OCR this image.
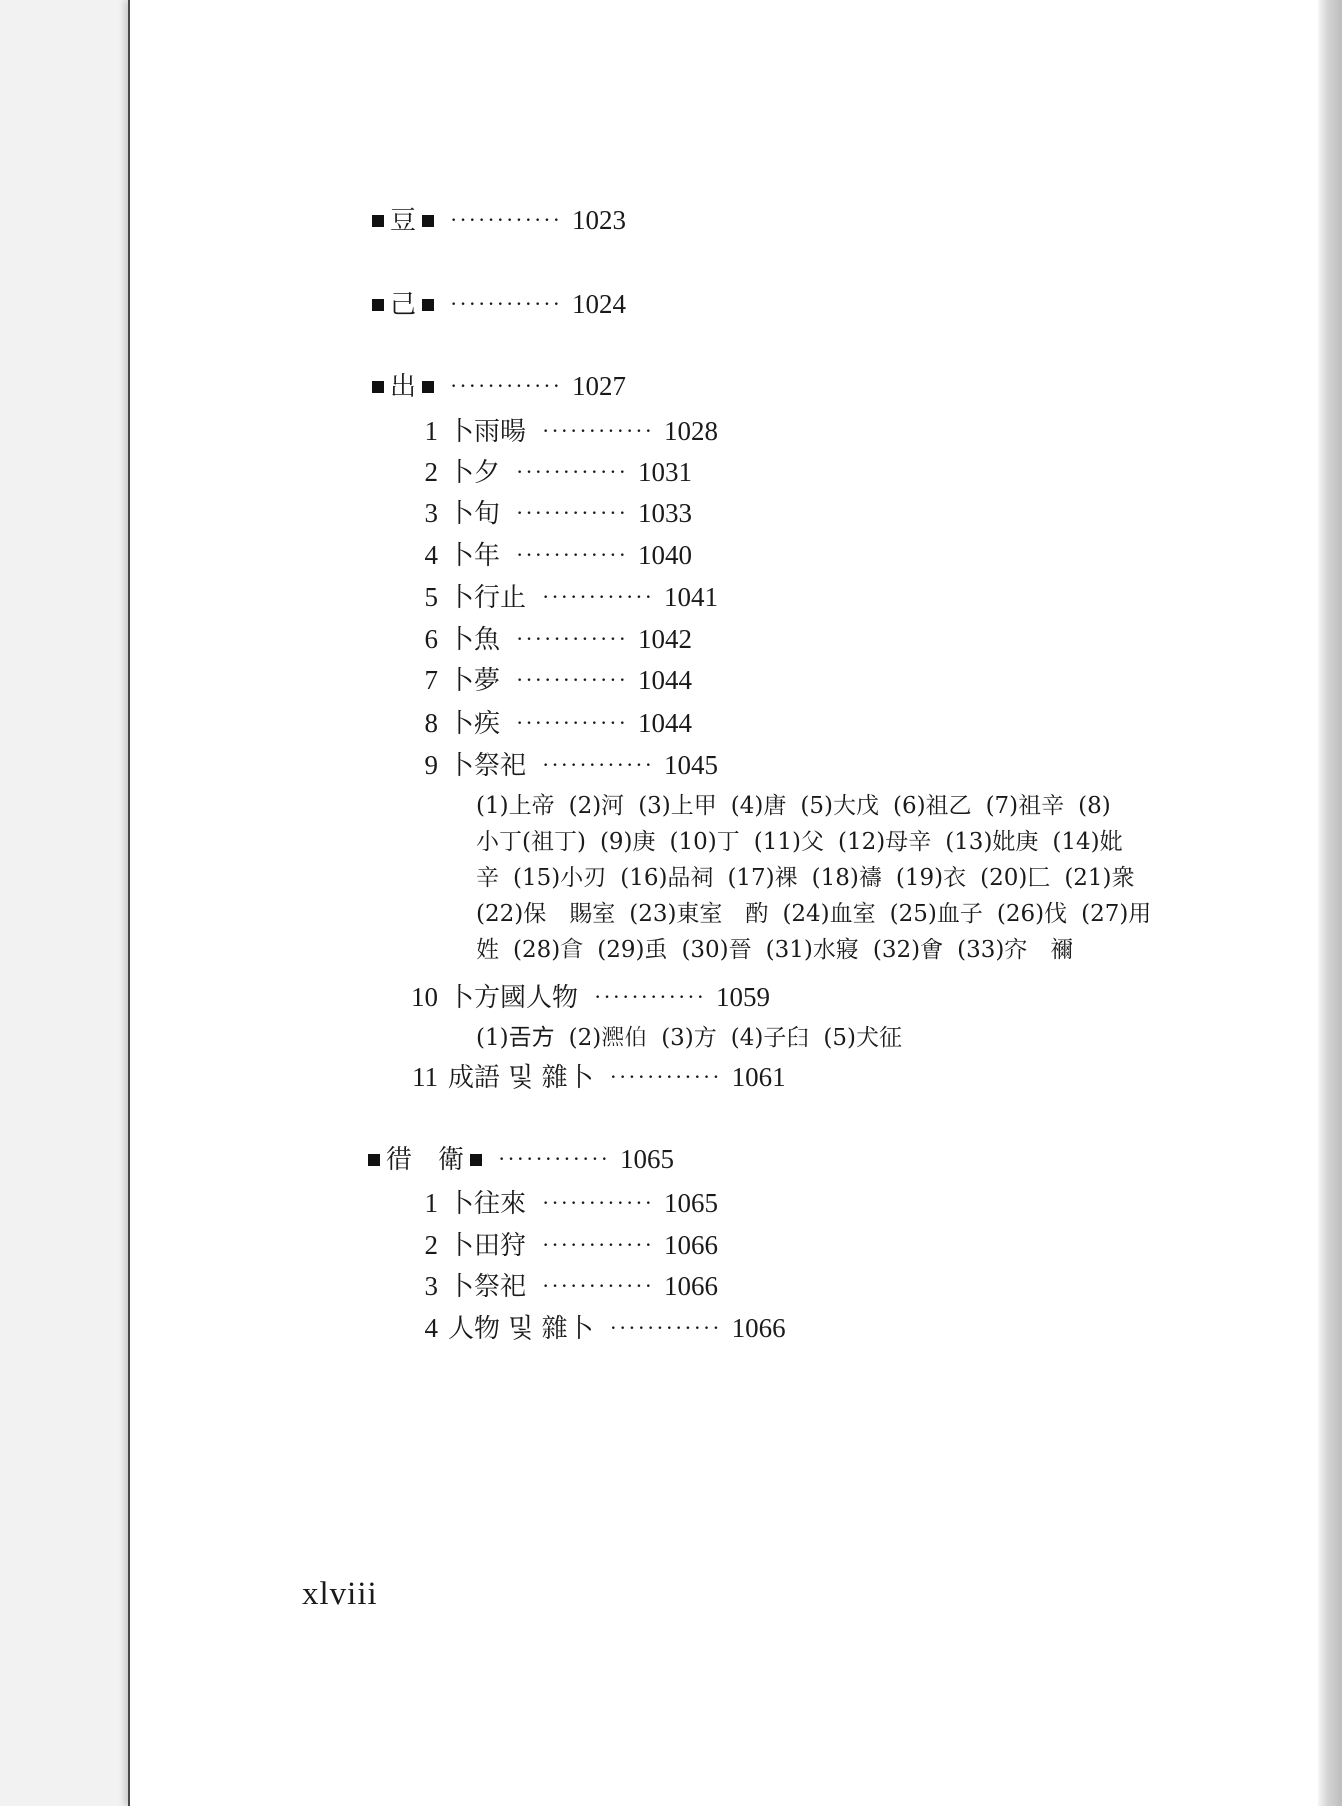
豆 ············ 1023
己 ············ 1024
出 ············ 1027
1 卜雨暘 ············ 1028
2 卜夕 ············ 1031
3 卜旬 ············ 1033
4 卜年 ············ 1040
5 卜行止 ············ 1041
6 卜魚 ············ 1042
7 卜夢 ············ 1044
8 卜疾 ············ 1044
9 卜祭祀 ············ 1045
(1)上帝 (2)河 (3)上甲 (4)唐 (5)大戊 (6)祖乙 (7)祖辛 (8)
小丁(祖丁) (9)庚 (10)丁 (11)父 (12)母辛 (13)妣庚 (14)妣
辛 (15)小刃 (16)品祠 (17)祼 (18)禱 (19)衣 (20)匚 (21)衆
(22)保　賜室 (23)東室　酌 (24)血室 (25)血子 (26)伐 (27)用
姓 (28)𣌭 (29)䖝 (30)晉 (31)水寢 (32)㑹 (33)㝏　禰
10 卜方國人物 ············ 1059
(1)𢀛方 (2)𤀠伯 (3)方 (4)子𦥑 (5)犬征
11 成語 및 雜卜 ············ 1061
徣　衛 ············ 1065
1 卜往來 ············ 1065
2 卜田狩 ············ 1066
3 卜祭祀 ············ 1066
4 人物 및 雜卜 ············ 1066
xlviii
